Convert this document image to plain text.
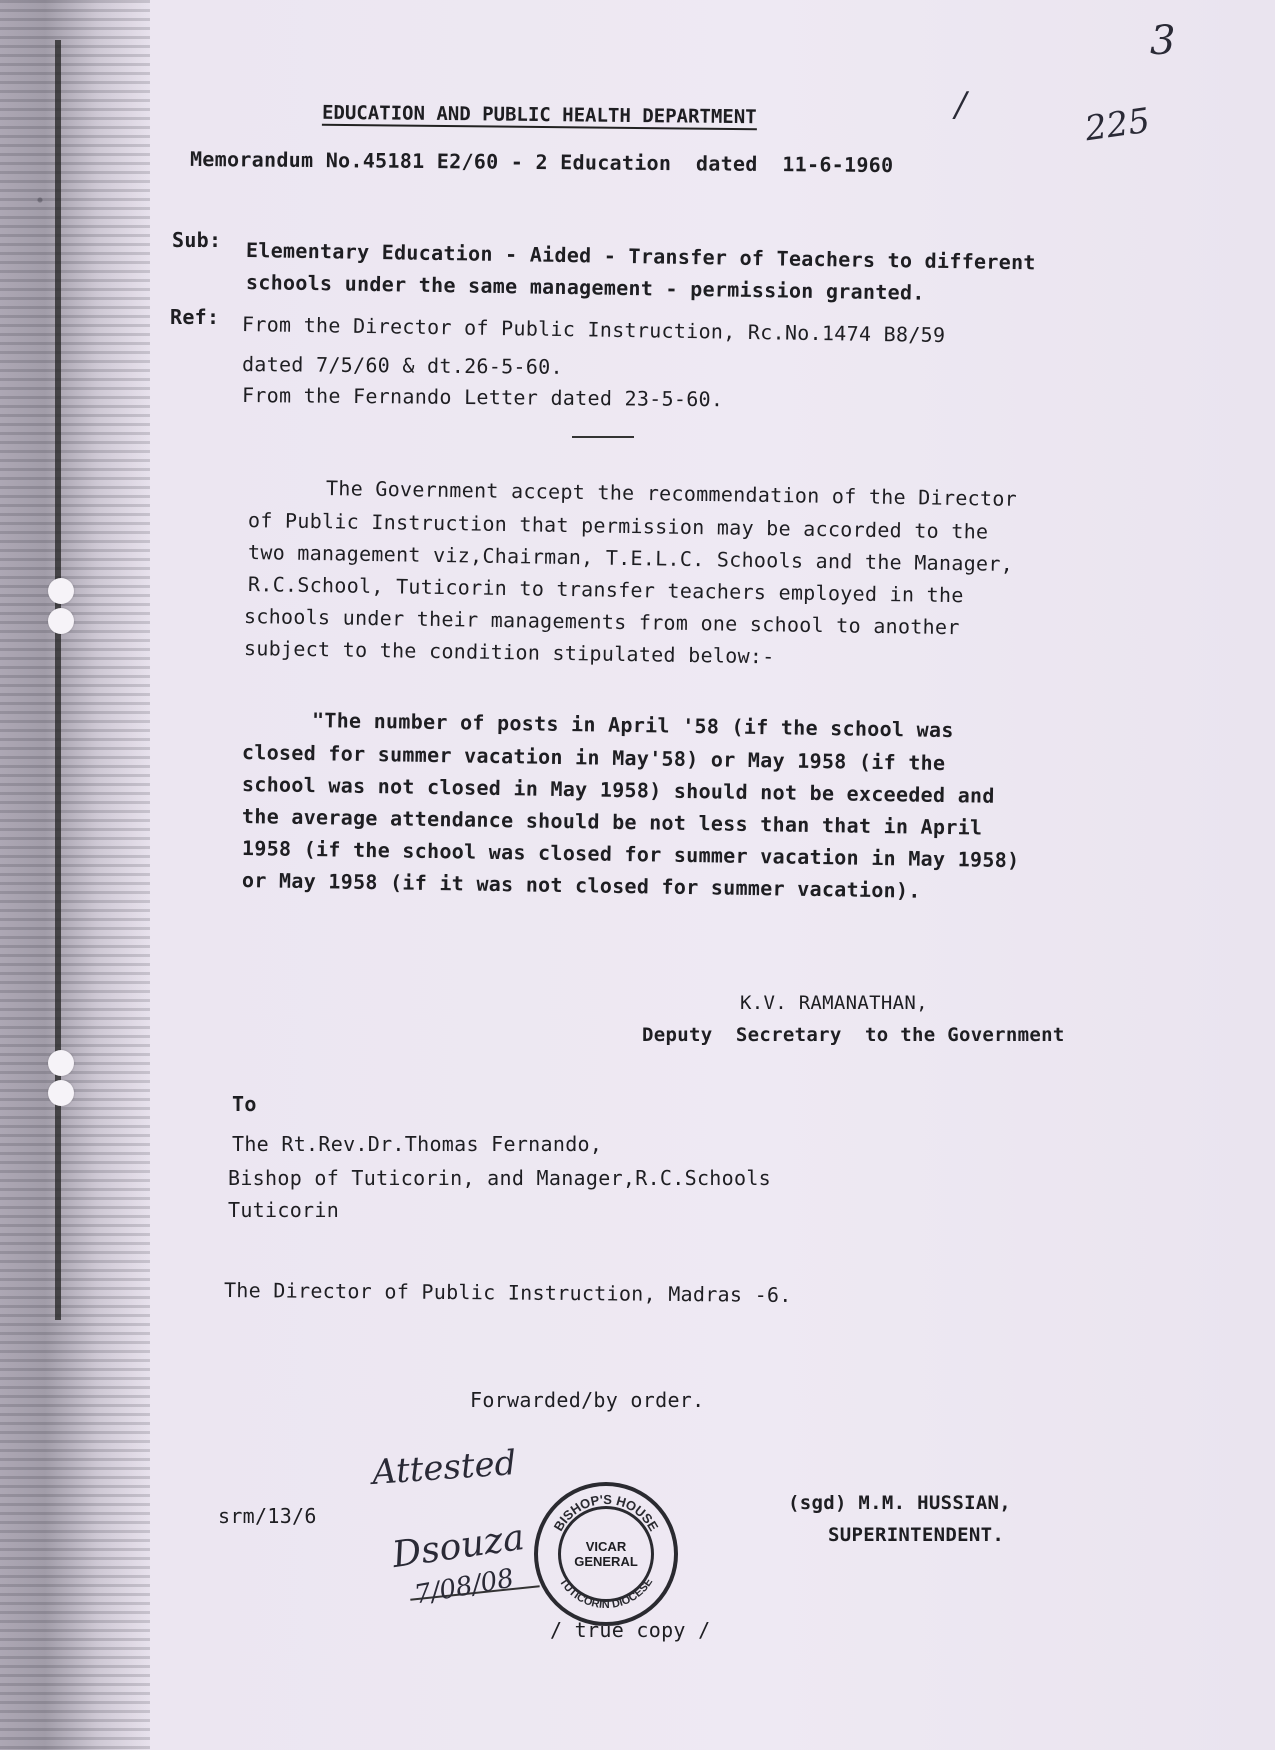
3
225
/
EDUCATION AND PUBLIC HEALTH DEPARTMENT
Memorandum No.45181 E2/60 - 2 Education  dated  11-6-1960
Sub: Elementary Education - Aided - Transfer of Teachers to different
schools under the same management - permission granted.
Ref: From the Director of Public Instruction, Rc.No.1474 B8/59
dated 7/5/60 & dt.26-5-60.
From the Fernando Letter dated 23-5-60.
The Government accept the recommendation of the Director
of Public Instruction that permission may be accorded to the
two management viz,Chairman, T.E.L.C. Schools and the Manager,
R.C.School, Tuticorin to transfer teachers employed in the
schools under their managements from one school to another
subject to the condition stipulated below:-
"The number of posts in April '58 (if the school was
closed for summer vacation in May'58) or May 1958 (if the
school was not closed in May 1958) should not be exceeded and
the average attendance should be not less than that in April
1958 (if the school was closed for summer vacation in May 1958)
or May 1958 (if it was not closed for summer vacation).
K.V. RAMANATHAN,
Deputy  Secretary  to the Government
To
The Rt.Rev.Dr.Thomas Fernando,
Bishop of Tuticorin, and Manager,R.C.Schools
Tuticorin
The Director of Public Instruction, Madras -6.
Forwarded/by order.
srm/13/6
(sgd) M.M. HUSSIAN,
SUPERINTENDENT.
/ true copy /
Attested
Dsouza
7/08/08
BISHOP'S HOUSE
TUTICORIN DIOCESE
VICAR
GENERAL
